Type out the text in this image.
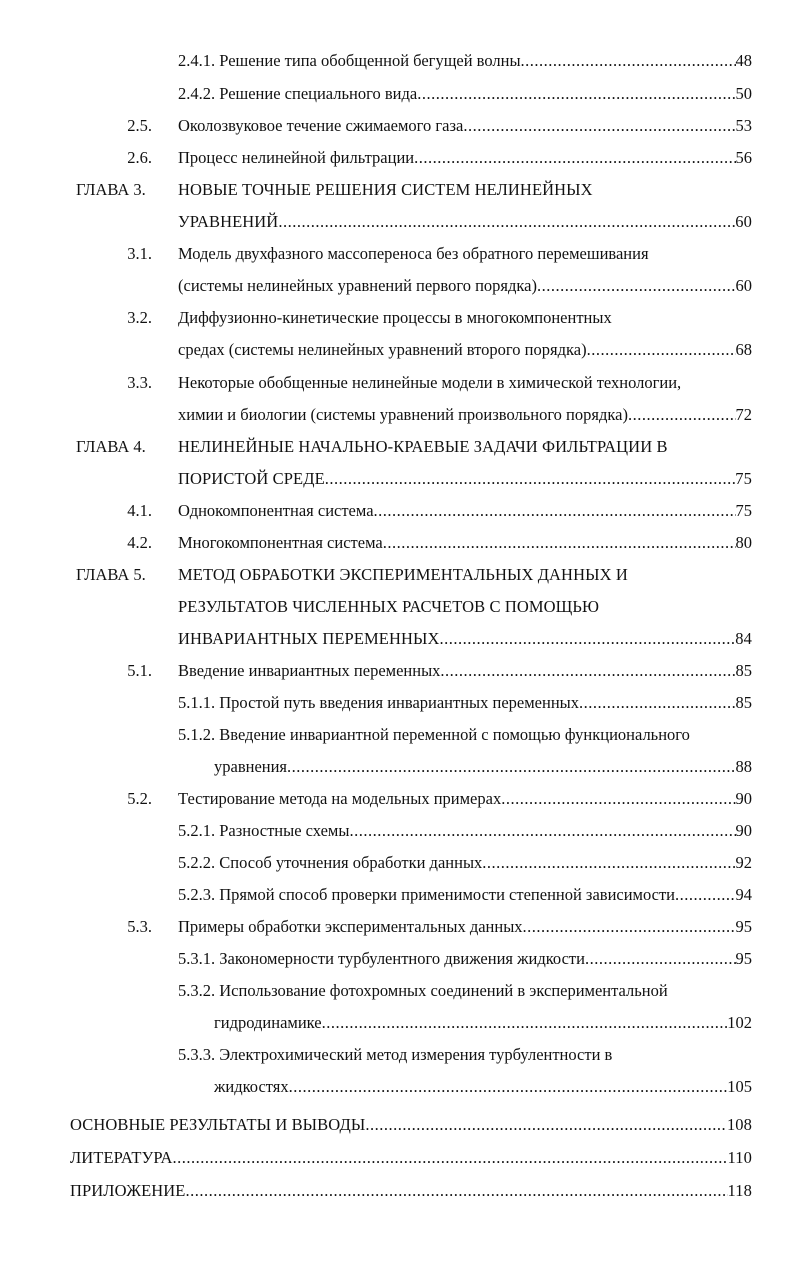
2.4.1. Решение типа обобщенной бегущей волны .....	48
2.4.2. Решение специального вида .....	50
2.5. Околозвуковое течение сжимаемого газа .....	53
2.6. Процесс нелинейной фильтрации .....	56
ГЛАВА 3. НОВЫЕ ТОЧНЫЕ РЕШЕНИЯ СИСТЕМ НЕЛИНЕЙНЫХ
УРАВНЕНИЙ .....	60
3.1. Модель двухфазного массопереноса без обратного перемешивания
(системы нелинейных уравнений первого порядка) .....	60
3.2. Диффузионно-кинетические процессы в многокомпонентных
средах (системы нелинейных уравнений второго порядка) .....	68
3.3. Некоторые обобщенные нелинейные модели в химической технологии,
химии и биологии (системы уравнений произвольного порядка) .....	72
ГЛАВА 4. НЕЛИНЕЙНЫЕ НАЧАЛЬНО-КРАЕВЫЕ ЗАДАЧИ ФИЛЬТРАЦИИ В
ПОРИСТОЙ СРЕДЕ .....	75
4.1. Однокомпонентная система .....	75
4.2. Многокомпонентная система .....	80
ГЛАВА 5. МЕТОД ОБРАБОТКИ ЭКСПЕРИМЕНТАЛЬНЫХ ДАННЫХ И
РЕЗУЛЬТАТОВ ЧИСЛЕННЫХ РАСЧЕТОВ С ПОМОЩЬЮ
ИНВАРИАНТНЫХ ПЕРЕМЕННЫХ .....	84
5.1. Введение инвариантных переменных .....	85
5.1.1. Простой путь введения инвариантных переменных .....	85
5.1.2. Введение инвариантной переменной с помощью функционального
уравнения .....	88
5.2. Тестирование метода на модельных примерах .....	90
5.2.1. Разностные схемы .....	90
5.2.2. Способ уточнения обработки данных .....	92
5.2.3. Прямой способ проверки применимости степенной зависимости .....	94
5.3. Примеры обработки экспериментальных данных .....	95
5.3.1. Закономерности турбулентного движения жидкости .....	95
5.3.2. Использование фотохромных соединений в экспериментальной
гидродинамике .....	102
5.3.3. Электрохимический метод измерения турбулентности в
жидкостях .....	105
ОСНОВНЫЕ РЕЗУЛЬТАТЫ И ВЫВОДЫ .....	108
ЛИТЕРАТУРА .....	110
ПРИЛОЖЕНИЕ .....	118
